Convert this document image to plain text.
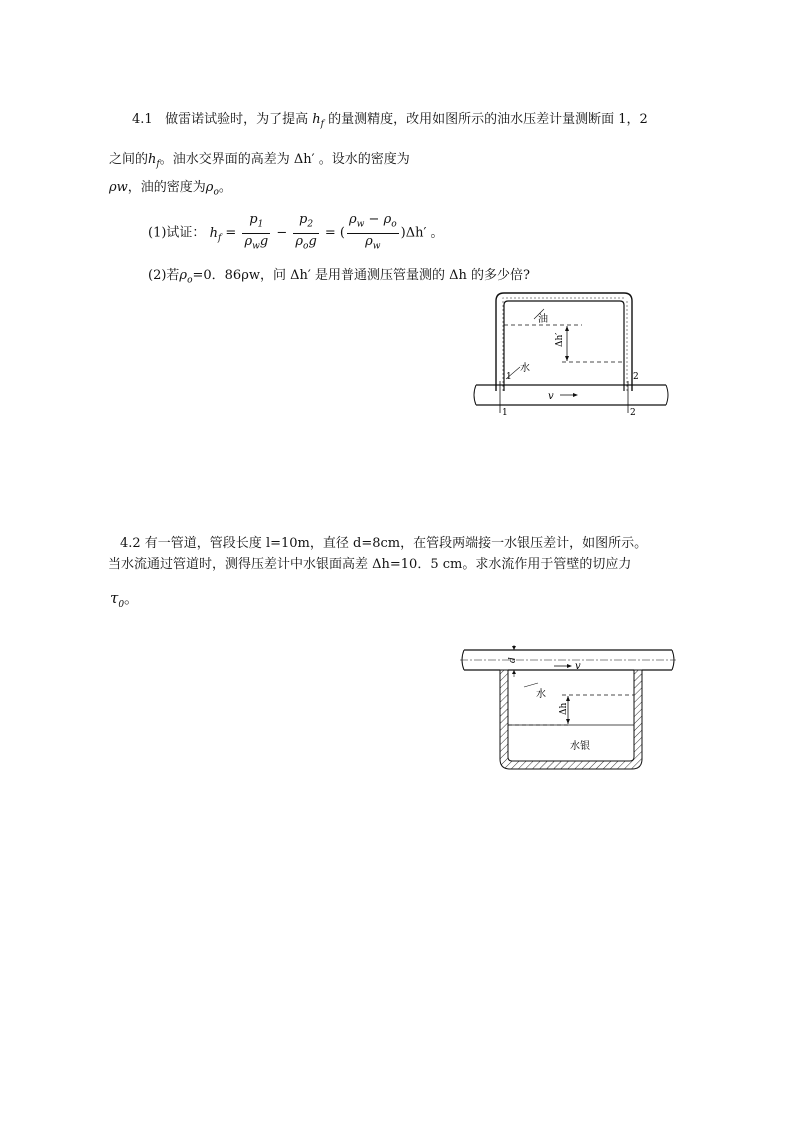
4.1 做雷诺试验时，为了提高 $h_f$ 的量测精度，改用如图所示的油水压差计量测断面 1，2
之间的$h_f$。油水交界面的高差为 Δh′ 。设水的密度为
ρw，油的密度为$\rho_o$。
(1)试证： $h_f = \frac{p_1}{\rho_wg} - \frac{p_2}{\rho_og}$ = ( $\frac{\rho_w - \rho_o}{\rho_w} )\Delta h'$ 。
(2)若$\rho_o=0$．86ρw，问 Δh′ 是用普通测压管量测的 Δh 的多少倍?
Δh′
油
水
1	2
1	2
v
4.2 有一管道，管段长度 l=10m，直径 d=8cm，在管段两端接一水银压差计，如图所示。
当水流通过管道时，测得压差计中水银面高差 Δh=10．5 cm。求水流作用于管壁的切应力
$\tau_0$。
d
v
Δh
水
水银
